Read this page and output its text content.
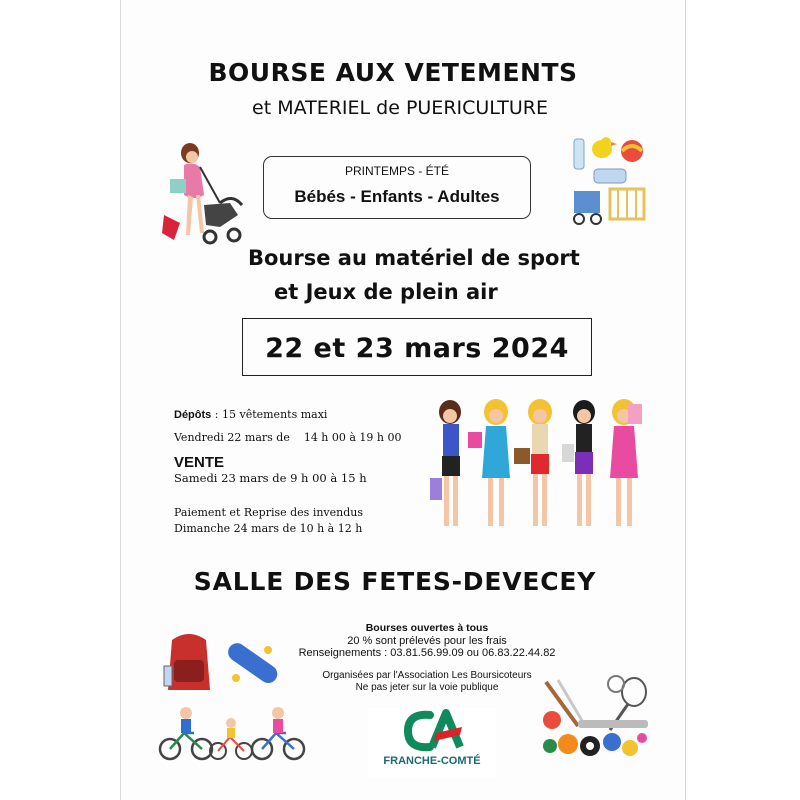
BOURSE AUX VETEMENTS
et MATERIEL de PUERICULTURE
PRINTEMPS - ÉTÉ
Bébés - Enfants - Adultes
Bourse au matériel de sport
et Jeux de plein air
22 et 23 mars 2024
Dépôts : 15 vêtements maxi
Vendredi 22 mars de    14 h 00 à 19 h 00
VENTE
Samedi 23 mars de 9 h 00 à 15 h
Paiement et Reprise des invendus
Dimanche 24 mars de 10 h à 12 h
SALLE DES FETES-DEVECEY
Bourses ouvertes à tous
20 % sont prélevés pour les frais
Renseignements : 03.81.56.99.09 ou 06.83.22.44.82
Organisées par l'Association Les Boursicoteurs
Ne pas jeter sur la voie publique
FRANCHE-COMTÉ
